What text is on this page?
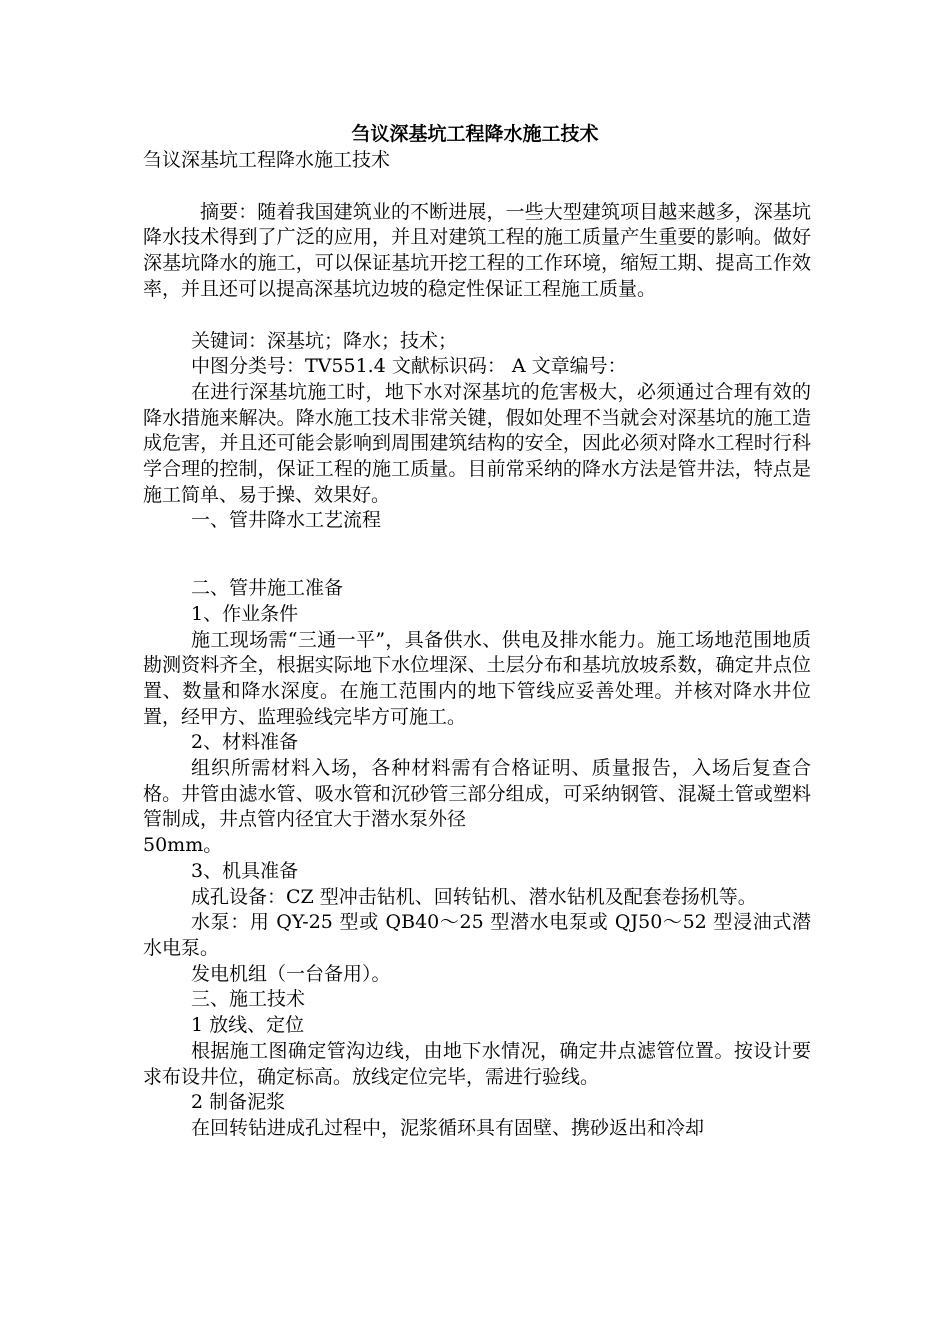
刍议深基坑工程降水施工技术

刍议深基坑工程降水施工技术

摘要：随着我国建筑业的不断进展，一些大型建筑项目越来越多，深基坑降水技术得到了广泛的应用，并且对建筑工程的施工质量产生重要的影响。做好深基坑降水的施工，可以保证基坑开挖工程的工作环境，缩短工期、提高工作效率，并且还可以提高深基坑边坡的稳定性保证工程施工质量。

关键词：深基坑；降水；技术；

中图分类号：TV551.4 文献标识码： A 文章编号：

在进行深基坑施工时，地下水对深基坑的危害极大，必须通过合理有效的降水措施来解决。降水施工技术非常关键，假如处理不当就会对深基坑的施工造成危害，并且还可能会影响到周围建筑结构的安全，因此必须对降水工程时行科学合理的控制，保证工程的施工质量。目前常采纳的降水方法是管井法，特点是施工简单、易于操、效果好。

一、管井降水工艺流程

二、管井施工准备

1、作业条件

施工现场需“三通一平”，具备供水、供电及排水能力。施工场地范围地质勘测资料齐全，根据实际地下水位埋深、土层分布和基坑放坡系数，确定井点位置、数量和降水深度。在施工范围内的地下管线应妥善处理。并核对降水井位置，经甲方、监理验线完毕方可施工。

2、材料准备

组织所需材料入场，各种材料需有合格证明、质量报告，入场后复查合格。井管由滤水管、吸水管和沉砂管三部分组成，可采纳钢管、混凝土管或塑料管制成，井点管内径宜大于潜水泵外径

50mm。

3、机具准备

成孔设备：CZ 型冲击钻机、回转钻机、潜水钻机及配套卷扬机等。

水泵：用 QY-25 型或 QB40～25 型潜水电泵或 QJ50～52 型浸油式潜水电泵。

发电机组（一台备用）。

三、施工技术

1 放线、定位

根据施工图确定管沟边线，由地下水情况，确定井点滤管位置。按设计要求布设井位，确定标高。放线定位完毕，需进行验线。

2 制备泥浆

在回转钻进成孔过程中，泥浆循环具有固壁、携砂返出和冷却
